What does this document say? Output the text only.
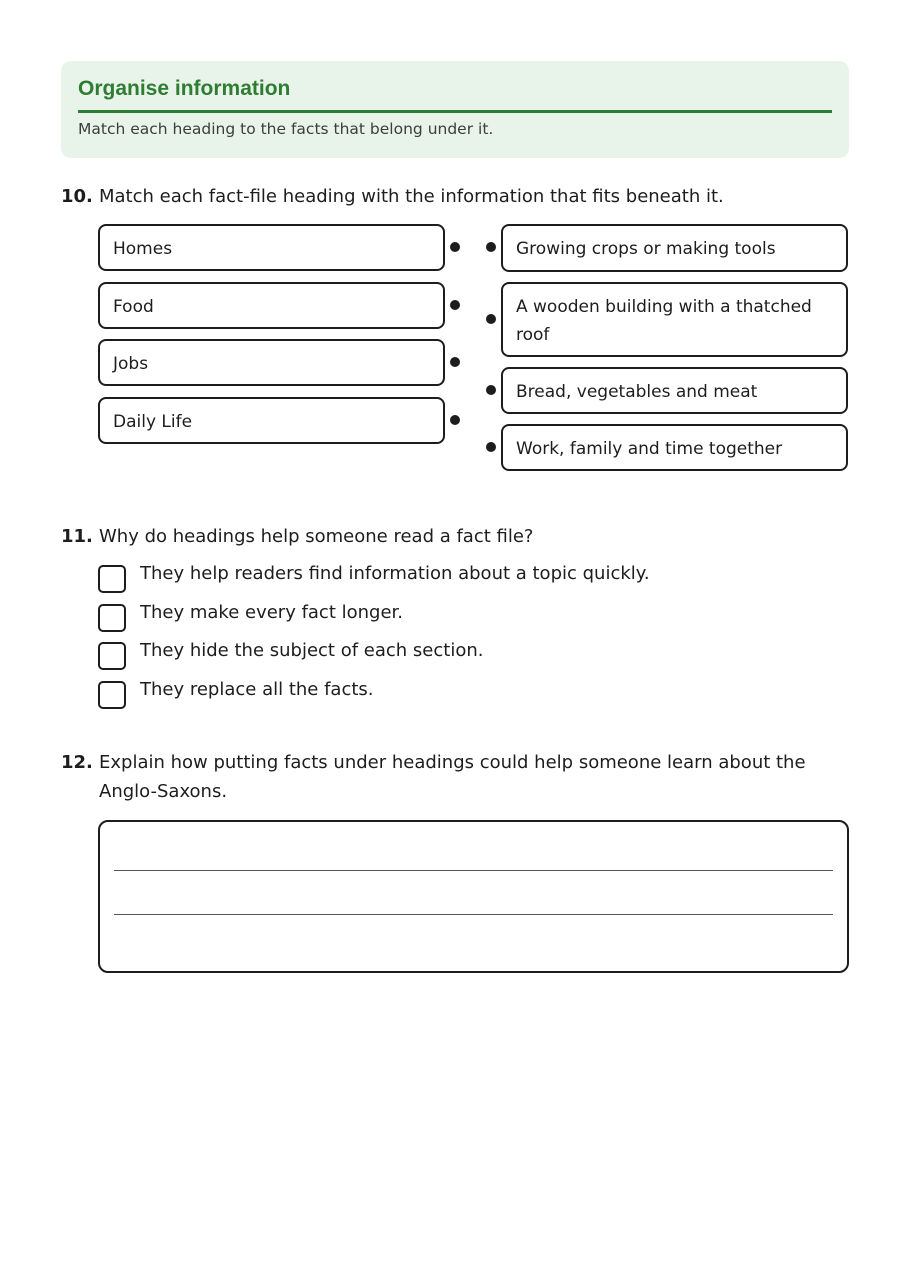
Organise information
Match each heading to the facts that belong under it.
10. Match each fact-file heading with the information that fits beneath it.
Homes
Food
Jobs
Daily Life
Growing crops or making tools
A wooden building with a thatched roof
Bread, vegetables and meat
Work, family and time together
11. Why do headings help someone read a fact file?
They help readers find information about a topic quickly.
They make every fact longer.
They hide the subject of each section.
They replace all the facts.
12. Explain how putting facts under headings could help someone learn about the Anglo-Saxons.
